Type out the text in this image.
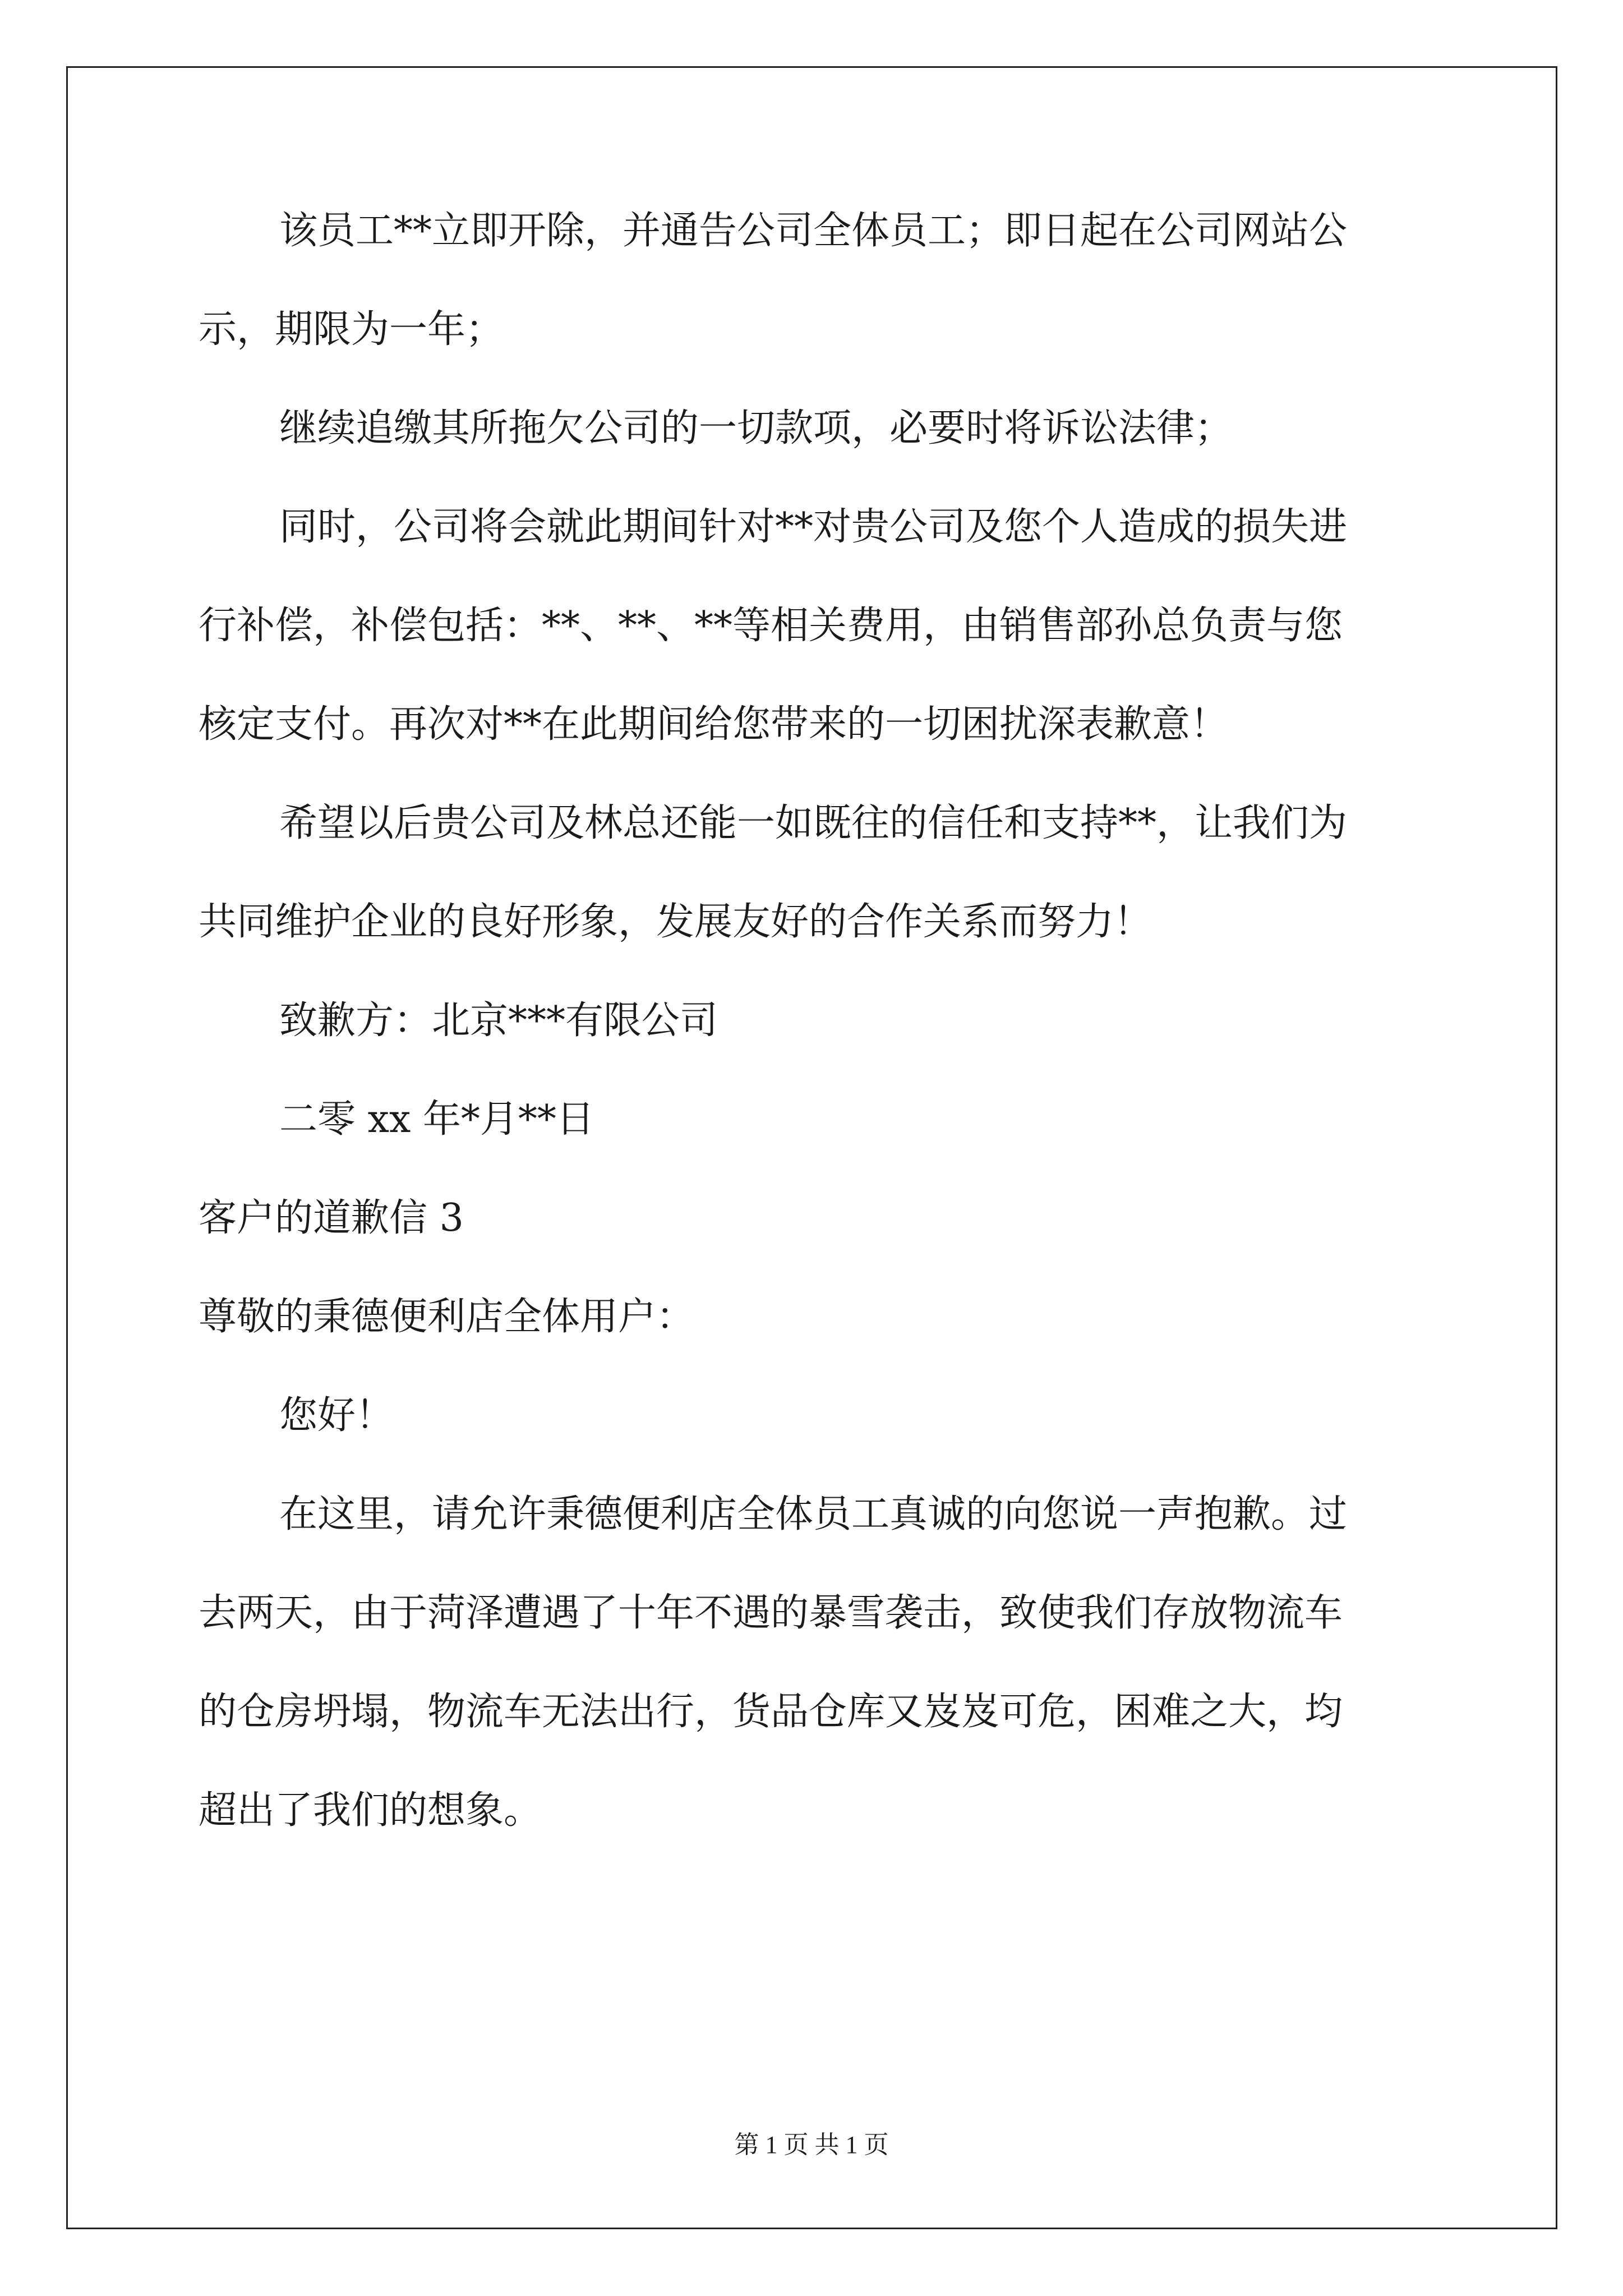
该员工**立即开除，并通告公司全体员工；即日起在公司网站公
示，期限为一年；
继续追缴其所拖欠公司的一切款项，必要时将诉讼法律；
同时，公司将会就此期间针对**对贵公司及您个人造成的损失进
行补偿，补偿包括：**、**、**等相关费用，由销售部孙总负责与您
核定支付。再次对**在此期间给您带来的一切困扰深表歉意！
希望以后贵公司及林总还能一如既往的信任和支持**，让我们为
共同维护企业的良好形象，发展友好的合作关系而努力！
致歉方：北京***有限公司
二零 xx 年*月**日
客户的道歉信 3
尊敬的秉德便利店全体用户：
您好！
在这里，请允许秉德便利店全体员工真诚的向您说一声抱歉。过
去两天，由于菏泽遭遇了十年不遇的暴雪袭击，致使我们存放物流车
的仓房坍塌，物流车无法出行，货品仓库又岌岌可危，困难之大，均
超出了我们的想象。
第 1 页 共 1 页
